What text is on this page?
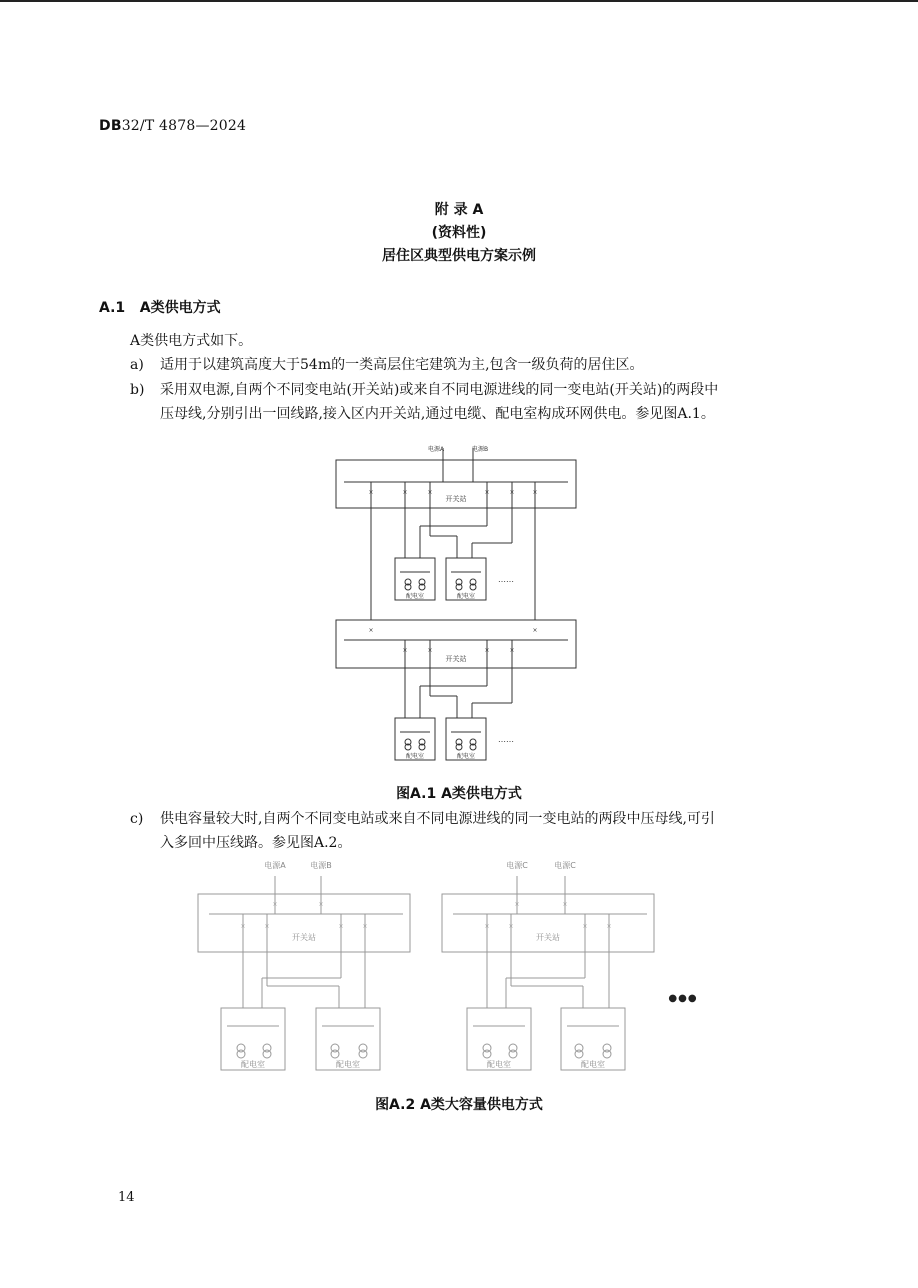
DB32/T 4878—2024
附 录 A
(资料性)
居住区典型供电方案示例
A.1 A类供电方式
A类供电方式如下。
a) 适用于以建筑高度大于54m的一类高层住宅建筑为主,包含一级负荷的居住区。
b) 采用双电源,自两个不同变电站(开关站)或来自不同电源进线的同一变电站(开关站)的两段中
压母线,分别引出一回线路,接入区内开关站,通过电缆、配电室构成环网供电。参见图A.1。
×	×	×	×	×	×
×	×
×	×	×	×
电源A	电源B
开关站
开关站
配电室	配电室
配电室	配电室
……
……
图A.1 A类供电方式
c) 供电容量较大时,自两个不同变电站或来自不同电源进线的同一变电站的两段中压母线,可引
入多回中压线路。参见图A.2。
×	×	×	×
×	×	×	×	×	×	×	×
电源A	电源B	电源C	电源C
开关站	开关站
配电室	配电室	配电室	配电室
●●●
图A.2 A类大容量供电方式
14
